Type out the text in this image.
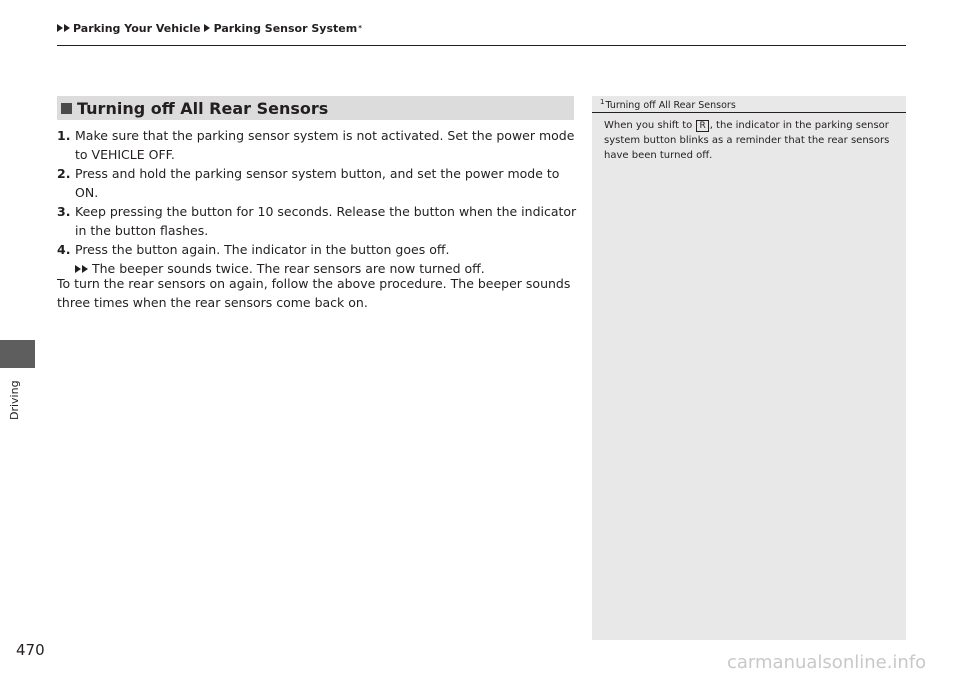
Parking Your Vehicle Parking Sensor System *
Driving
Turning off All Rear Sensors
1. Make sure that the parking sensor system is not activated. Set the power mode to VEHICLE OFF.
2. Press and hold the parking sensor system button, and set the power mode to ON.
3. Keep pressing the button for 10 seconds. Release the button when the indicator in the button flashes.
4. Press the button again. The indicator in the button goes off.
The beeper sounds twice. The rear sensors are now turned off.
To turn the rear sensors on again, follow the above procedure. The beeper sounds three times when the rear sensors come back on.
$^1$Turning off All Rear Sensors
When you shift to R , the indicator in the parking sensor system button blinks as a reminder that the rear sensors have been turned off.
470
carmanualsonline.info
